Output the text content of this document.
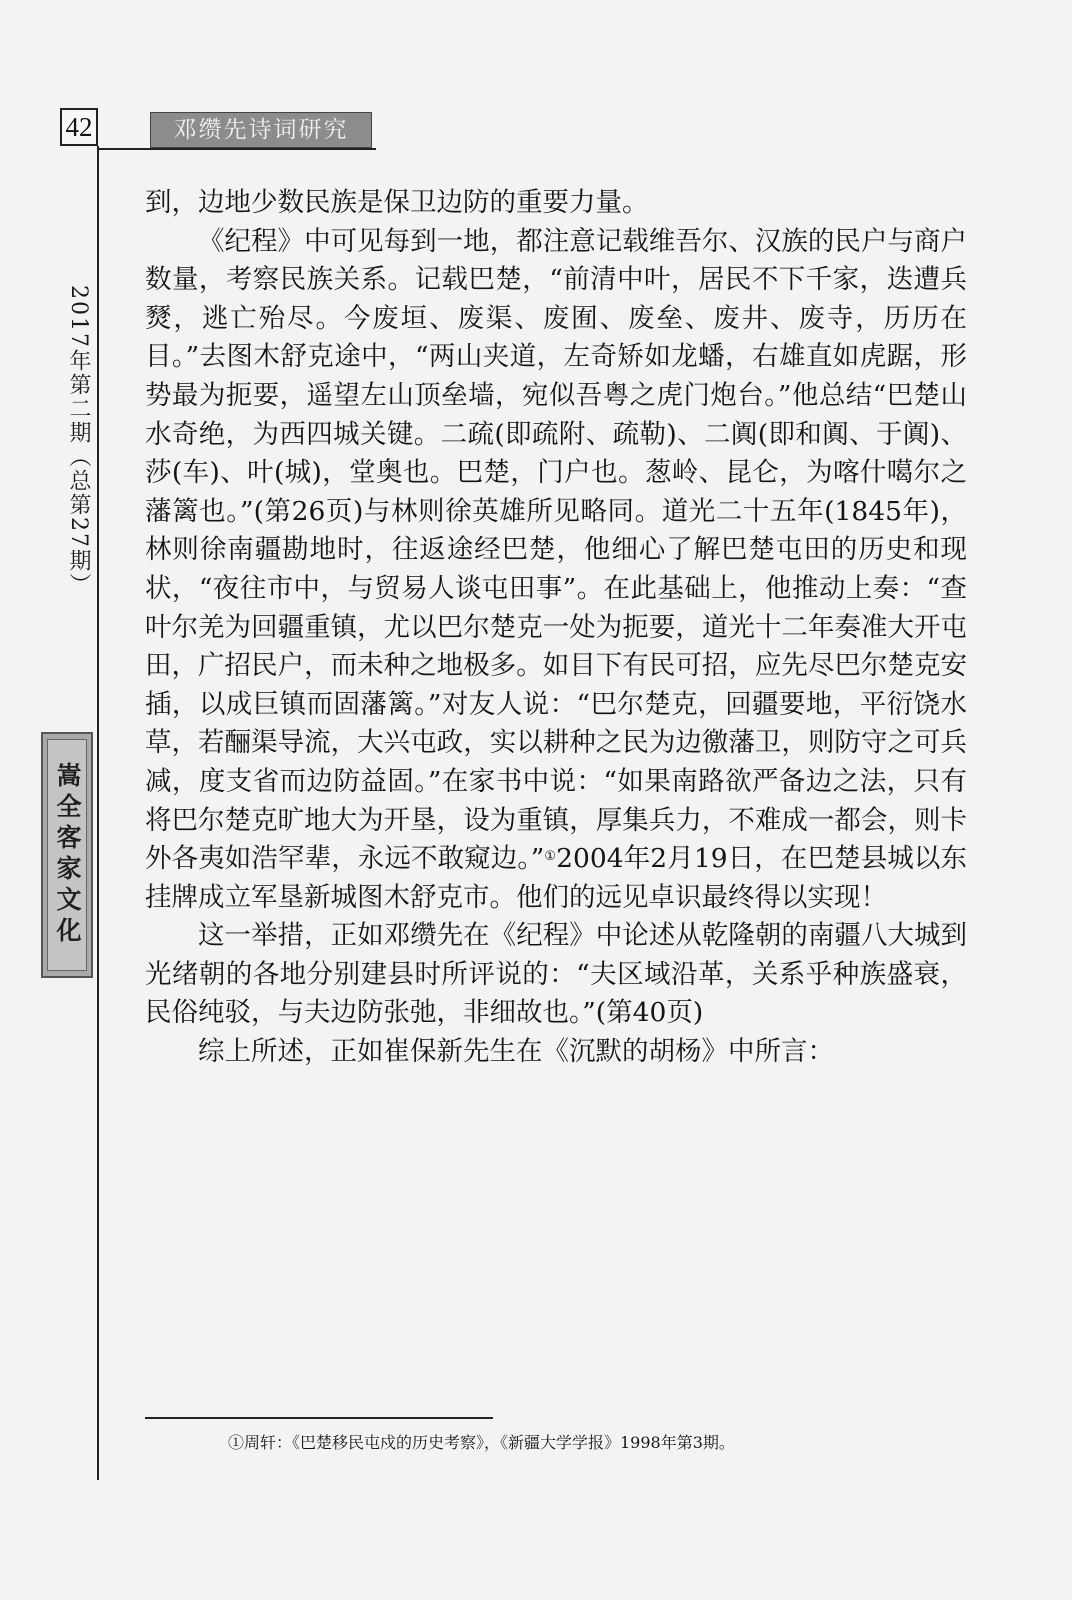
42	邓缵先诗词研究
2017年第二期（总第27期）
嵩全客家文化

到，边地少数民族是保卫边防的重要力量。

《纪程》中可见每到一地，都注意记载维吾尔、汉族的民户与商户数量，考察民族关系。记载巴楚，“前清中叶，居民不下千家，迭遭兵燹，逃亡殆尽。今废垣、废渠、废囿、废垒、废井、废寺，历历在目。”去图木舒克途中，“两山夹道，左奇矫如龙蟠，右雄直如虎踞，形势最为扼要，遥望左山顶垒墙，宛似吾粤之虎门炮台。”他总结“巴楚山水奇绝，为西四城关键。二疏(即疏附、疏勒)、二阗(即和阗、于阗)、莎(车)、叶(城)，堂奥也。巴楚，门户也。葱岭、昆仑，为喀什噶尔之藩篱也。”(第26页)与林则徐英雄所见略同。道光二十五年(1845年)，林则徐南疆勘地时，往返途经巴楚，他细心了解巴楚屯田的历史和现状，“夜往市中，与贸易人谈屯田事”。在此基础上，他推动上奏：“查叶尔羌为回疆重镇，尤以巴尔楚克一处为扼要，道光十二年奏准大开屯田，广招民户，而未种之地极多。如目下有民可招，应先尽巴尔楚克安插，以成巨镇而固藩篱。”对友人说：“巴尔楚克，回疆要地，平衍饶水草，若酾渠导流，大兴屯政，实以耕种之民为边徼藩卫，则防守之可兵减，度支省而边防益固。”在家书中说：“如果南路欲严备边之法，只有将巴尔楚克旷地大为开垦，设为重镇，厚集兵力，不难成一都会，则卡外各夷如浩罕辈，永远不敢窥边。”①2004年2月19日，在巴楚县城以东挂牌成立军垦新城图木舒克市。他们的远见卓识最终得以实现！

这一举措，正如邓缵先在《纪程》中论述从乾隆朝的南疆八大城到光绪朝的各地分别建县时所评说的：“夫区域沿革，关系乎种族盛衰，民俗纯驳，与夫边防张弛，非细故也。”(第40页)

综上所述，正如崔保新先生在《沉默的胡杨》中所言：

①周轩：《巴楚移民屯戍的历史考察》，《新疆大学学报》1998年第3期。
